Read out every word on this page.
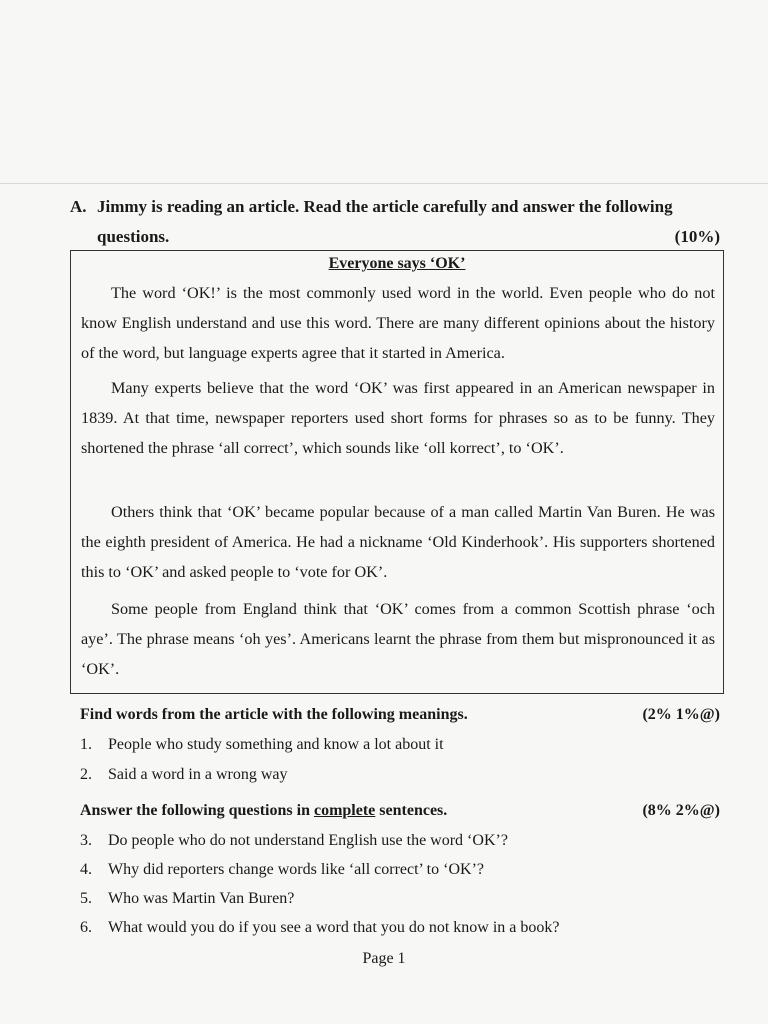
A. Jimmy is reading an article. Read the article carefully and answer the following
questions.	(10%)
Everyone says ‘OK’
The word ‘OK!’ is the most commonly used word in the world. Even people who do not know English understand and use this word. There are many different opinions about the history of the word, but language experts agree that it started in America.
Many experts believe that the word ‘OK’ was first appeared in an American newspaper in 1839. At that time, newspaper reporters used short forms for phrases so as to be funny. They shortened the phrase ‘all correct’, which sounds like ‘oll korrect’, to ‘OK’.
Others think that ‘OK’ became popular because of a man called Martin Van Buren. He was the eighth president of America. He had a nickname ‘Old Kinderhook’. His supporters shortened this to ‘OK’ and asked people to ‘vote for OK’.
Some people from England think that ‘OK’ comes from a common Scottish phrase ‘och aye’. The phrase means ‘oh yes’. Americans learnt the phrase from them but mispronounced it as ‘OK’.
Find words from the article with the following meanings.	(2% 1%@)
1. People who study something and know a lot about it
2. Said a word in a wrong way
Answer the following questions in complete sentences.	(8% 2%@)
3. Do people who do not understand English use the word ‘OK’?
4. Why did reporters change words like ‘all correct’ to ‘OK’?
5. Who was Martin Van Buren?
6. What would you do if you see a word that you do not know in a book?
Page 1
